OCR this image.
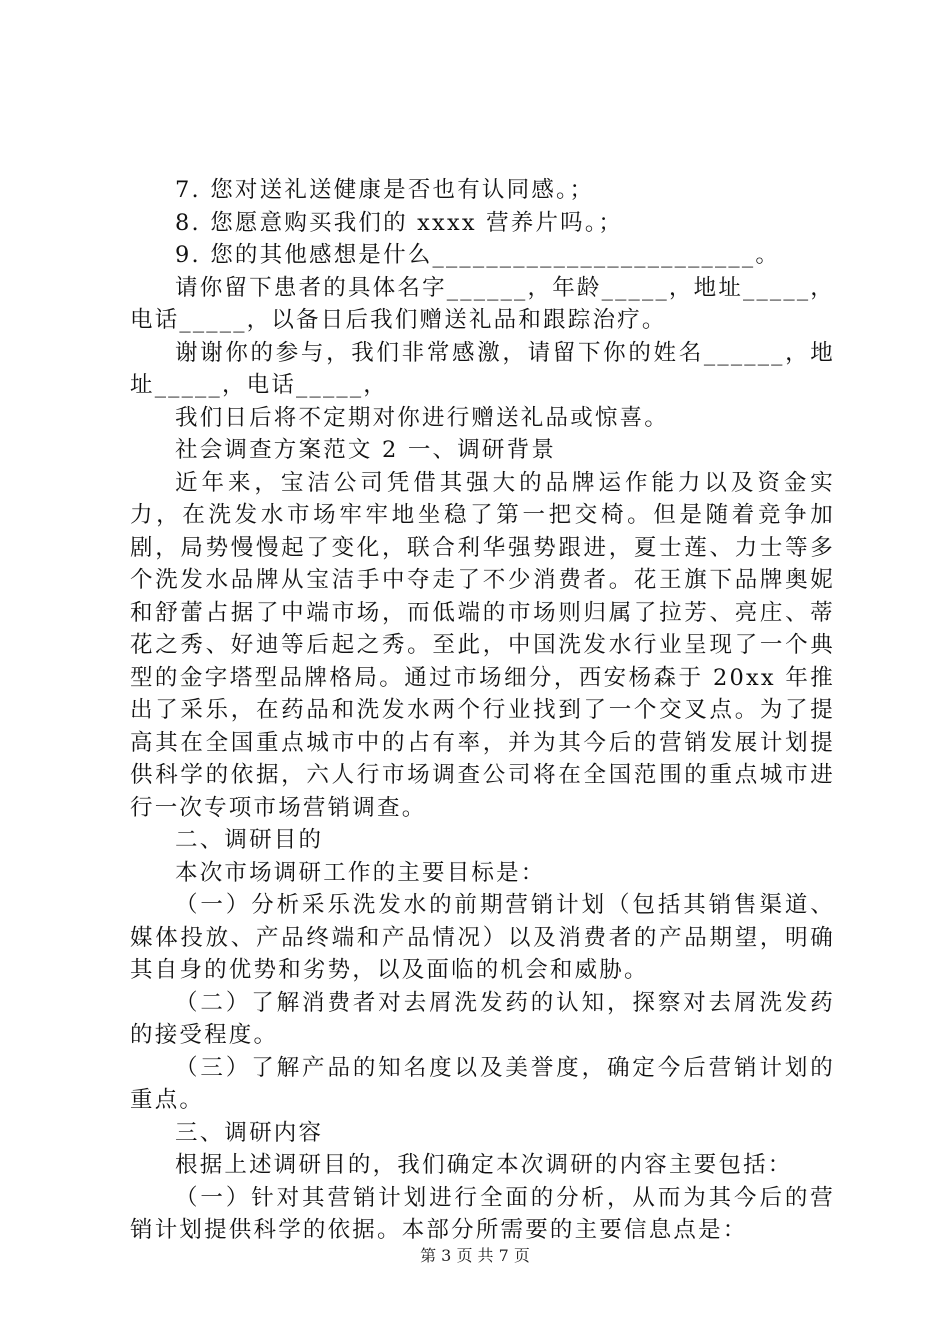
7. 您对送礼送健康是否也有认同感。；

8. 您愿意购买我们的 xxxx 营养片吗。；

9. 您的其他感想是什么________________________。

请你留下患者的具体名字______，年龄_____，地址_____，电话_____，以备日后我们赠送礼品和跟踪治疗。

谢谢你的参与，我们非常感激，请留下你的姓名______，地址_____，电话_____，

我们日后将不定期对你进行赠送礼品或惊喜。

社会调查方案范文 2 一、调研背景

近年来，宝洁公司凭借其强大的品牌运作能力以及资金实力，在洗发水市场牢牢地坐稳了第一把交椅。但是随着竞争加剧，局势慢慢起了变化，联合利华强势跟进，夏士莲、力士等多个洗发水品牌从宝洁手中夺走了不少消费者。花王旗下品牌奥妮和舒蕾占据了中端市场，而低端的市场则归属了拉芳、亮庄、蒂花之秀、好迪等后起之秀。至此，中国洗发水行业呈现了一个典型的金字塔型品牌格局。通过市场细分，西安杨森于 20xx 年推出了采乐，在药品和洗发水两个行业找到了一个交叉点。为了提高其在全国重点城市中的占有率，并为其今后的营销发展计划提供科学的依据，六人行市场调查公司将在全国范围的重点城市进行一次专项市场营销调查。

二、调研目的

本次市场调研工作的主要目标是：

（一）分析采乐洗发水的前期营销计划（包括其销售渠道、媒体投放、产品终端和产品情况）以及消费者的产品期望，明确其自身的优势和劣势，以及面临的机会和威胁。

（二）了解消费者对去屑洗发药的认知，探察对去屑洗发药的接受程度。

（三）了解产品的知名度以及美誉度，确定今后营销计划的重点。

三、调研内容

根据上述调研目的，我们确定本次调研的内容主要包括：

（一）针对其营销计划进行全面的分析，从而为其今后的营销计划提供科学的依据。本部分所需要的主要信息点是：

第 3 页 共 7 页
